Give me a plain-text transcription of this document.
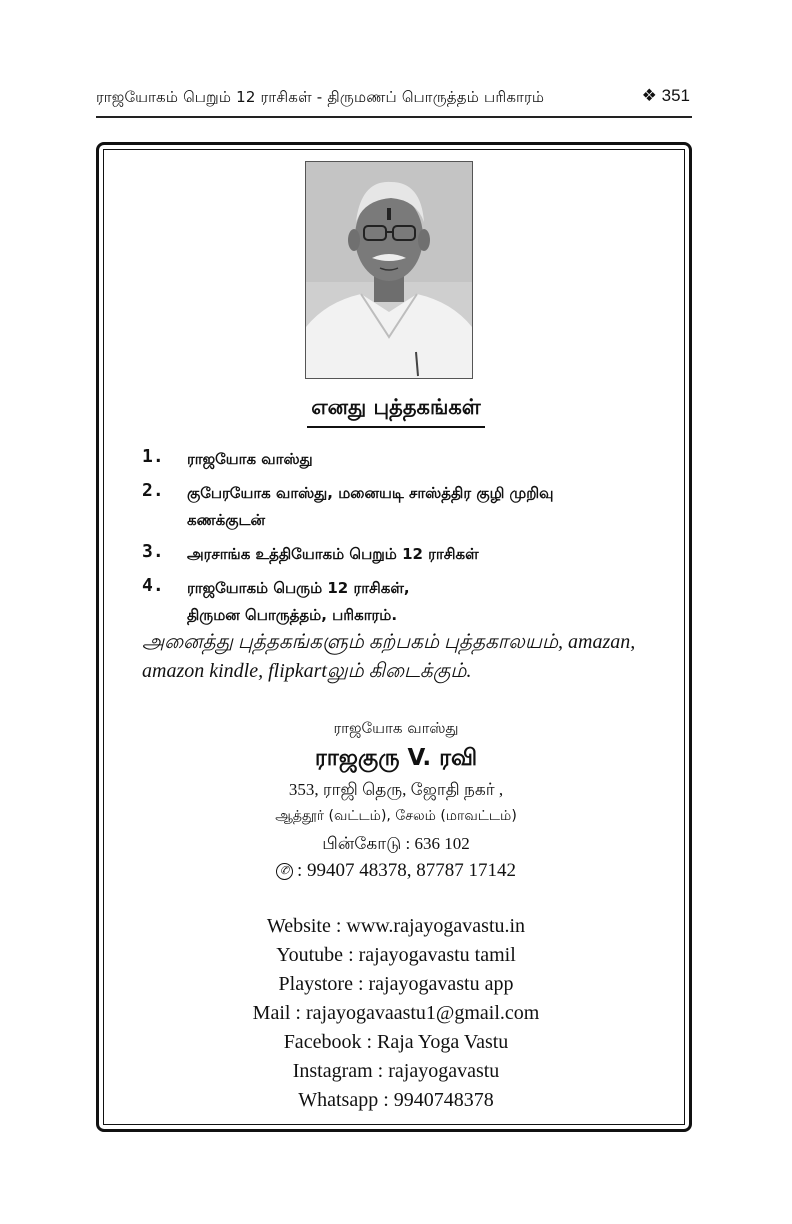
ராஜயோகம் பெறும் 12 ராசிகள் - திருமணப் பொருத்தம் பரிகாரம்	❖ 351
எனது புத்தகங்கள்
1. ராஜயோக வாஸ்து
2. குபேரயோக வாஸ்து, மனையடி சாஸ்த்திர குழி முறிவு
கணக்குடன்
3. அரசாங்க உத்தியோகம் பெறும் 12 ராசிகள்
4. ராஜயோகம் பெரும் 12 ராசிகள்,
திருமன பொருத்தம், பரிகாரம்.
அனைத்து புத்தகங்களும் கற்பகம் புத்தகாலயம், amazan, amazon kindle, flipkartலும் கிடைக்கும்.
ராஜயோக வாஸ்து
ராஜகுரு V. ரவி
353, ராஜி தெரு, ஜோதி நகர் ,
ஆத்தூர் (வட்டம்), சேலம் (மாவட்டம்)
பின்கோடு : 636 102
✆ : 99407 48378, 87787 17142
Website : www.rajayogavastu.in
Youtube : rajayogavastu tamil
Playstore : rajayogavastu app
Mail : rajayogavaastu1@gmail.com
Facebook : Raja Yoga Vastu
Instagram : rajayogavastu
Whatsapp : 9940748378
